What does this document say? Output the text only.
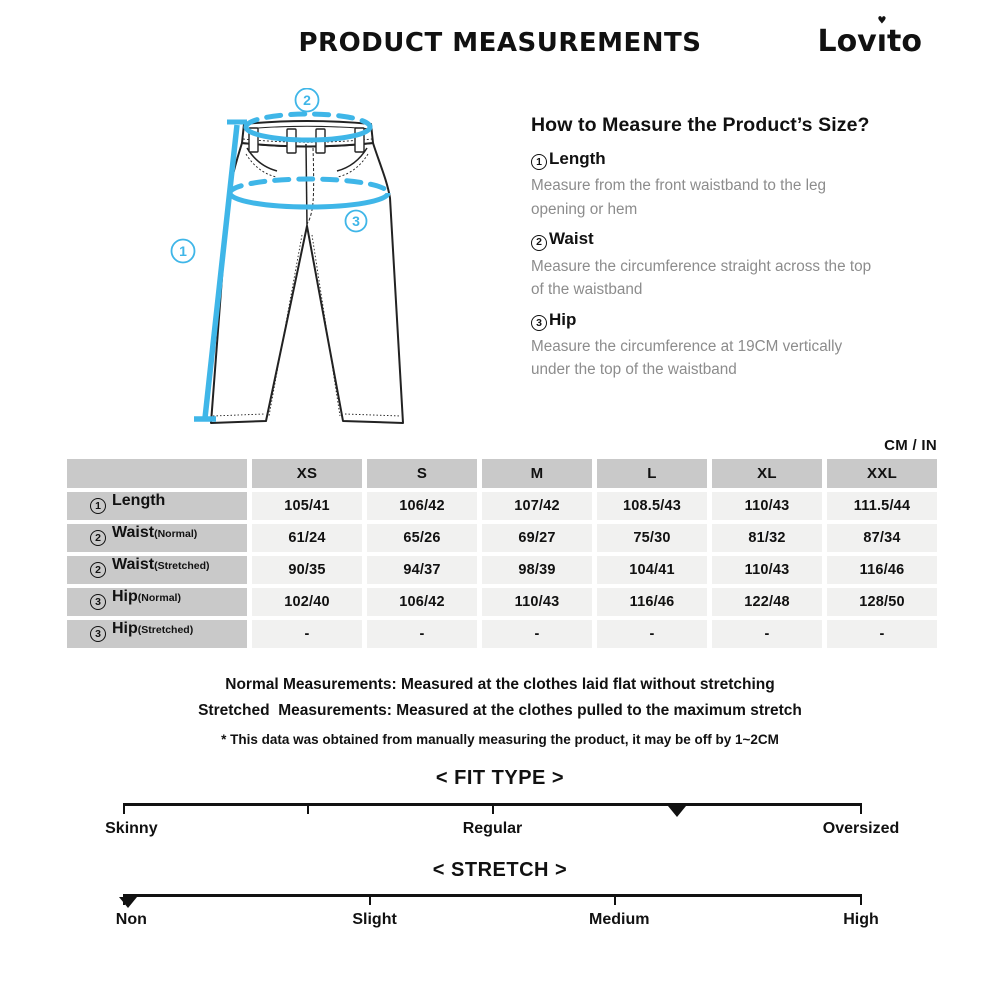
PRODUCT MEASUREMENTS	Lovı
♥
to
1
2
3
How to Measure the Product’s Size?
1 Length

Measure from the front waistband to the leg opening or hem

2 Waist

Measure the circumference straight across the top of the waistband

3 Hip

Measure the circumference at 19CM vertically under the top of the waistband

CM / IN
XS	S	M	L	XL	XXL
1 Length	105/41	106/42	107/42	108.5/43	110/43	111.5/44
2 Waist (Normal)	61/24	65/26	69/27	75/30	81/32	87/34
2 Waist (Stretched)	90/35	94/37	98/39	104/41	110/43	116/46
3 Hip (Normal)	102/40	106/42	110/43	116/46	122/48	128/50
3 Hip (Stretched)	-	-	-	-	-	-
Normal Measurements: Measured at the clothes laid flat without stretching
Stretched  Measurements: Measured at the clothes pulled to the maximum stretch
* This data was obtained from manually measuring the product, it may be off by 1~2CM
< FIT TYPE >
Skinny	Regular	Oversized
< STRETCH >
Non	Slight	Medium	High
